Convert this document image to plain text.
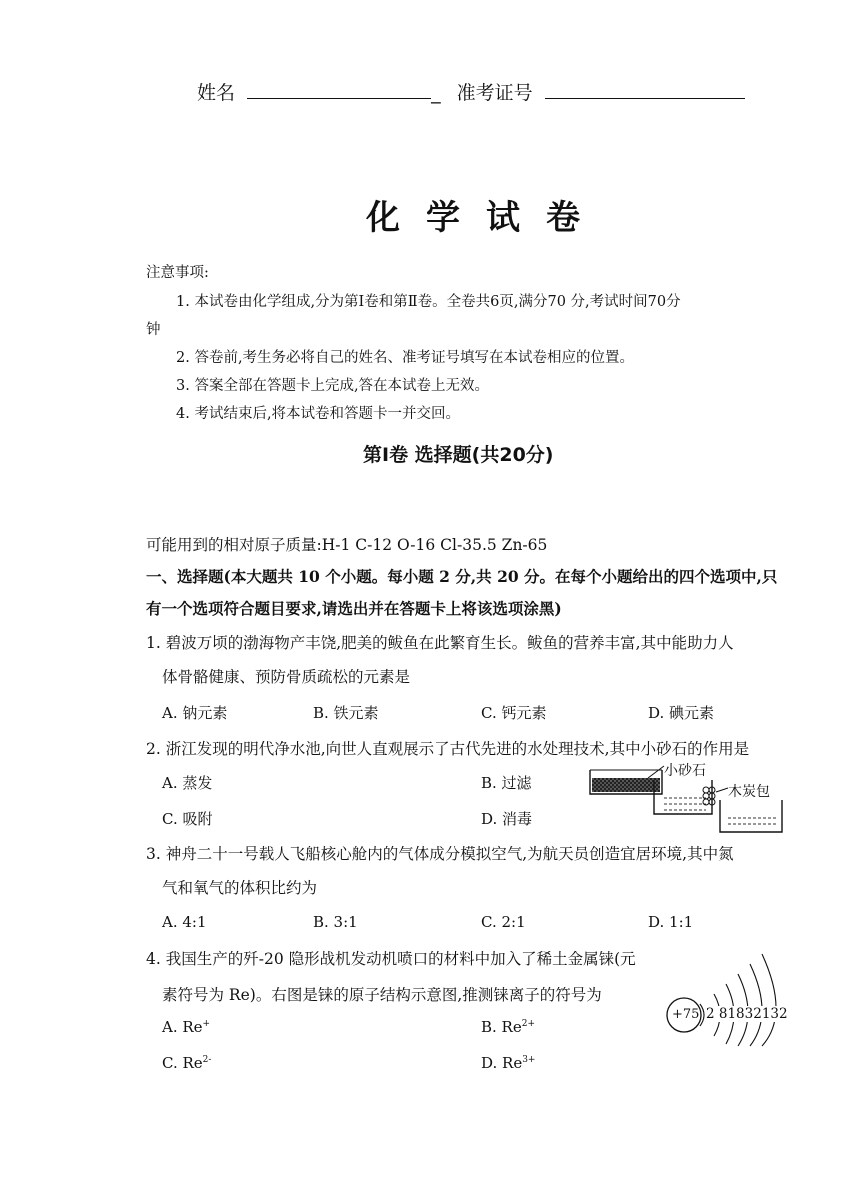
姓名	_ 准考证号
化学试卷
注意事项:
1. 本试卷由化学组成,分为第Ⅰ卷和第Ⅱ卷。全卷共6页,满分70 分,考试时间70分
钟
2. 答卷前,考生务必将自己的姓名、准考证号填写在本试卷相应的位置。
3. 答案全部在答题卡上完成,答在本试卷上无效。
4. 考试结束后,将本试卷和答题卡一并交回。
第Ⅰ卷 选择题(共20分)
可能用到的相对原子质量:H-1 C-12 O-16 Cl-35.5 Zn-65
一、选择题(本大题共 10 个小题。每小题 2 分,共 20 分。在每个小题给出的四个选项中,只
有一个选项符合题目要求,请选出并在答题卡上将该选项涂黑)
1. 碧波万顷的渤海物产丰饶,肥美的鲅鱼在此繁育生长。鲅鱼的营养丰富,其中能助力人
体骨骼健康、预防骨质疏松的元素是
A. 钠元素	B. 铁元素	C. 钙元素	D. 碘元素
2. 浙江发现的明代净水池,向世人直观展示了古代先进的水处理技术,其中小砂石的作用是
A. 蒸发	B. 过滤
C. 吸附	D. 消毒
小砂石
木炭包
3. 神舟二十一号载人飞船核心舱内的气体成分模拟空气,为航天员创造宜居环境,其中氮
气和氧气的体积比约为
A. 4:1	B. 3:1	C. 2:1	D. 1:1
4. 我国生产的歼-20 隐形战机发动机喷口的材料中加入了稀土金属铼(元
素符号为 Re)。右图是铼的原子结构示意图,推测铼离子的符号为
A. Re+	B. $Re^{2+}$
C. $Re^{2-}$	D. $Re^{3+}$
+75 2 81832132
